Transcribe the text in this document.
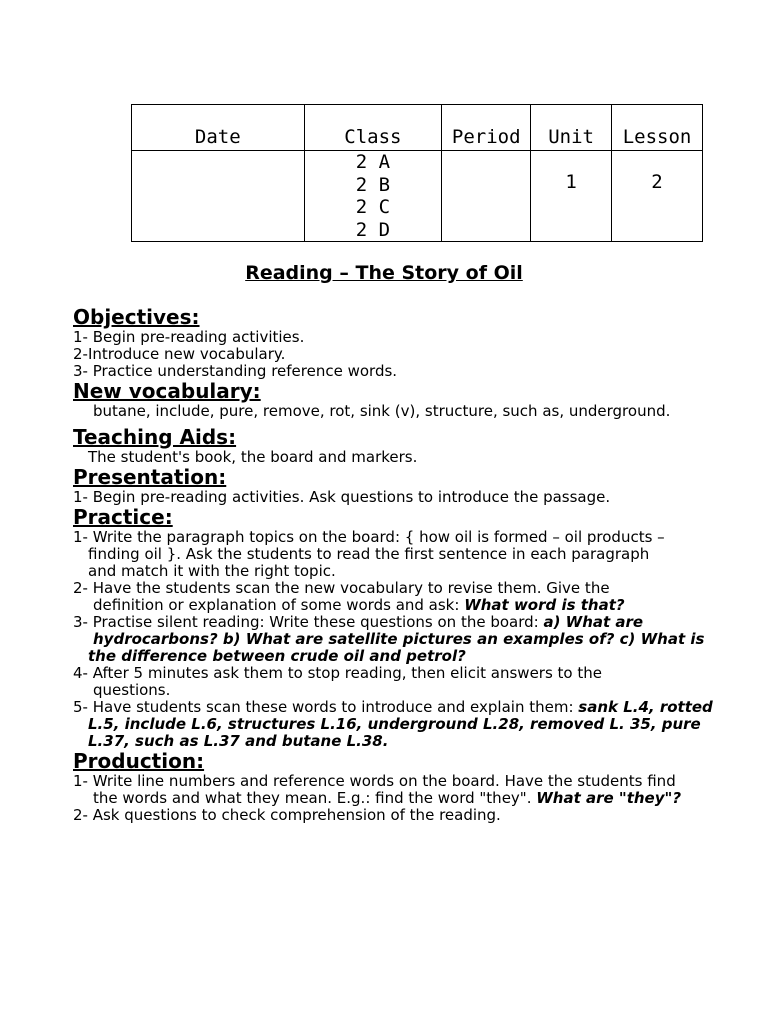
Date	Class	Period	Unit	Lesson

	2 A
2 B
2 C
2 D		1	2
Reading – The Story of Oil
Objectives:
1- Begin pre-reading activities.
2-Introduce new vocabulary.
3- Practice understanding reference words.
New vocabulary:
butane, include, pure, remove, rot, sink (v), structure, such as, underground.
Teaching Aids:
The student's book, the board and markers.
Presentation:
1- Begin pre-reading activities. Ask questions to introduce the passage.
Practice:
1- Write the paragraph topics on the board: { how oil is formed – oil products –
finding oil }. Ask the students to read the first sentence in each paragraph
and match it with the right topic.
2- Have the students scan the new vocabulary to revise them. Give the
definition or explanation of some words and ask: What word is that?
3- Practise silent reading: Write these questions on the board: a) What are hydrocarbons? b) What are satellite pictures an examples of? c) What is
the difference between crude oil and petrol?
4- After 5 minutes ask them to stop reading, then elicit answers to the
questions.
5- Have students scan these words to introduce and explain them: sank L.4, rotted L.5, include L.6, structures L.16, underground L.28, removed L. 35, pure L.37, such as L.37 and butane L.38.
Production:
1- Write line numbers and reference words on the board. Have the students find
the words and what they mean. E.g.: find the word "they". What are "they"?
2- Ask questions to check comprehension of the reading.
